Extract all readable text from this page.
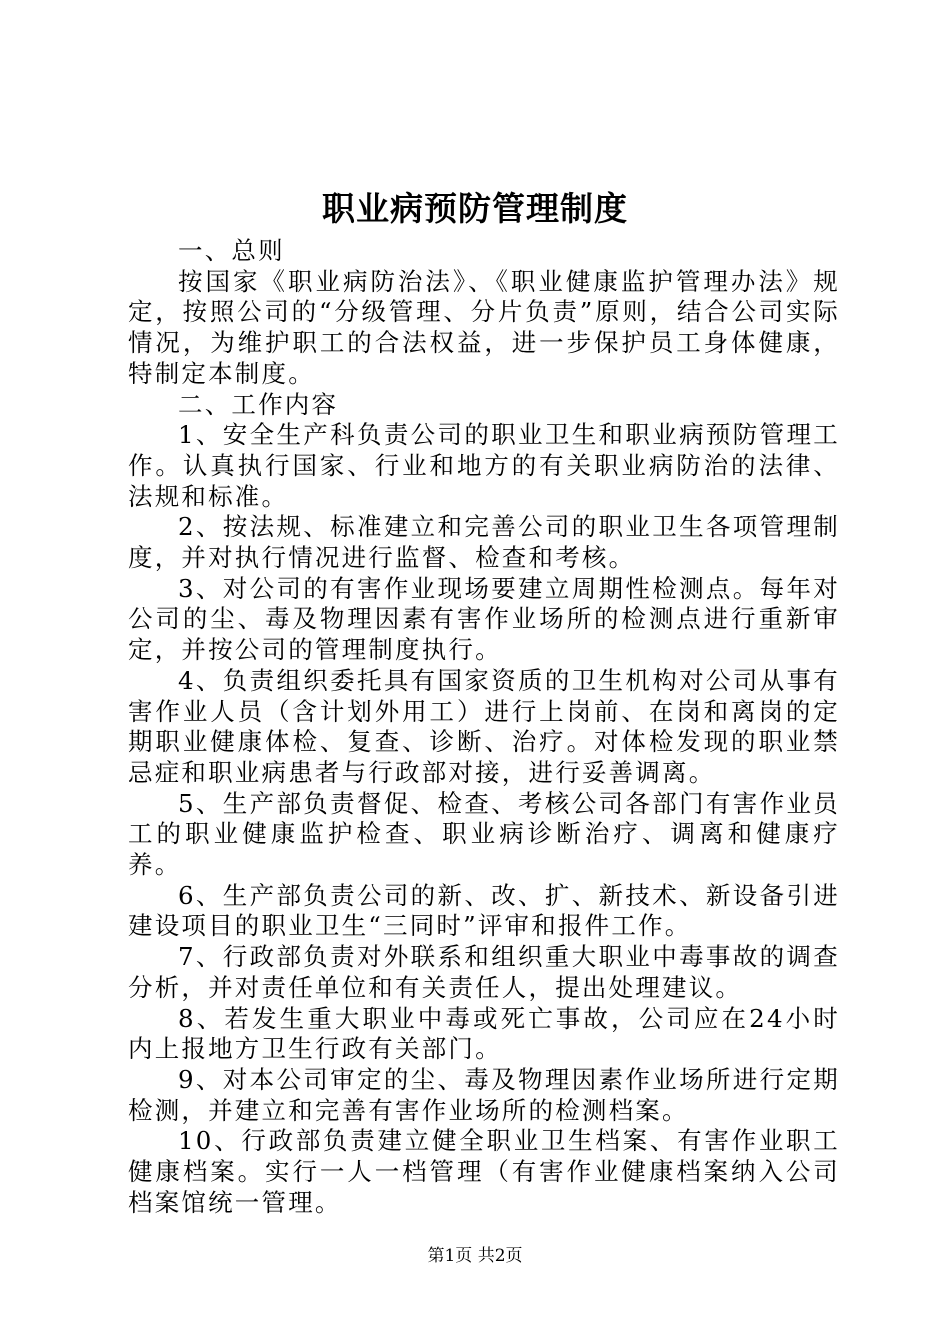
职业病预防管理制度

一、总则

按国家《职业病防治法》、《职业健康监护管理办法》规定，按照公司的“分级管理、分片负责”原则，结合公司实际情况，为维护职工的合法权益，进一步保护员工身体健康，特制定本制度。

二、工作内容

1、安全生产科负责公司的职业卫生和职业病预防管理工作。认真执行国家、行业和地方的有关职业病防治的法律、法规和标准。

2、按法规、标准建立和完善公司的职业卫生各项管理制度，并对执行情况进行监督、检查和考核。

3、对公司的有害作业现场要建立周期性检测点。每年对公司的尘、毒及物理因素有害作业场所的检测点进行重新审定，并按公司的管理制度执行。

4、负责组织委托具有国家资质的卫生机构对公司从事有害作业人员（含计划外用工）进行上岗前、在岗和离岗的定期职业健康体检、复查、诊断、治疗。对体检发现的职业禁忌症和职业病患者与行政部对接，进行妥善调离。

5、生产部负责督促、检查、考核公司各部门有害作业员工的职业健康监护检查、职业病诊断治疗、调离和健康疗养。

6、生产部负责公司的新、改、扩、新技术、新设备引进建设项目的职业卫生“三同时”评审和报件工作。

7、行政部负责对外联系和组织重大职业中毒事故的调查分析，并对责任单位和有关责任人，提出处理建议。

8、若发生重大职业中毒或死亡事故，公司应在24小时内上报地方卫生行政有关部门。

9、对本公司审定的尘、毒及物理因素作业场所进行定期检测，并建立和完善有害作业场所的检测档案。

10、行政部负责建立健全职业卫生档案、有害作业职工健康档案。实行一人一档管理（有害作业健康档案纳入公司档案馆统一管理。

第1页 共2页
